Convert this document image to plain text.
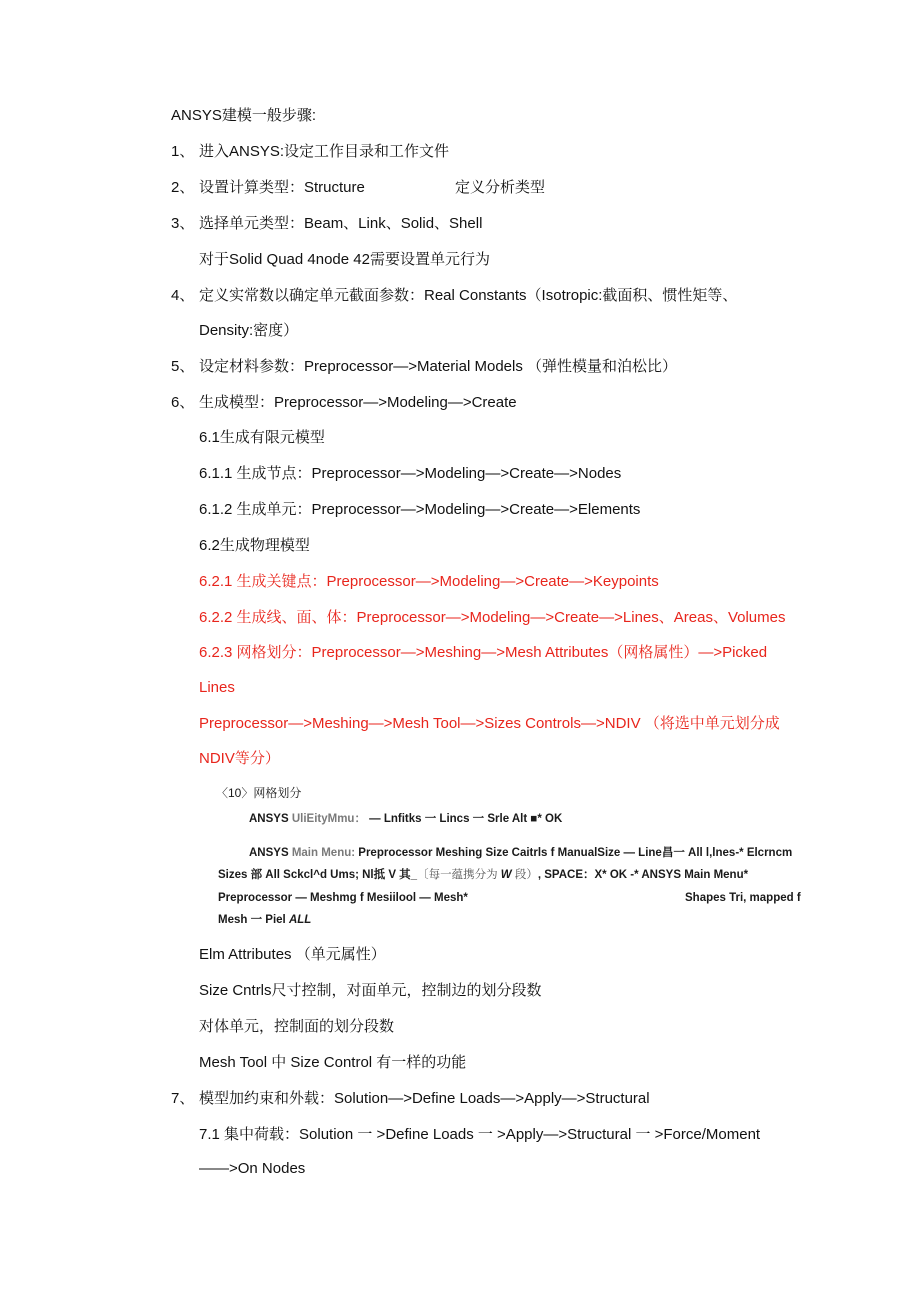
ANSYS建模一般步骤:
1、 进入ANSYS:设定工作目录和工作文件
2、 设置计算类型：Structure	定义分析类型
3、 选择单元类型：Beam、Link、Solid、Shell
对于Solid Quad 4node 42需要设置单元行为
4、 定义实常数以确定单元截面参数：Real Constants（Isotropic:截面积、惯性矩等、
Density:密度）
5、 设定材料参数：Preprocessor—>Material Models （弹性模量和泊松比）
6、 生成模型：Preprocessor—>Modeling—>Create
6.1生成有限元模型
6.1.1 生成节点：Preprocessor—>Modeling—>Create—>Nodes
6.1.2 生成单元：Preprocessor—>Modeling—>Create—>Elements
6.2生成物理模型
6.2.1 生成关键点：Preprocessor—>Modeling—>Create—>Keypoints
6.2.2 生成线、面、体：Preprocessor—>Modeling—>Create—>Lines、Areas、Volumes
6.2.3 网格划分：Preprocessor—>Meshing—>Mesh Attributes（网格属性）—>Picked
Lines
Preprocessor—>Meshing—>Mesh Tool—>Sizes Controls—>NDIV （将选中单元划分成
NDIV等分）
〈10〉网格划分
ANSYS UliEityMmu： — Lnfitks 一 Lincs 一 Srle Alt ■* OK
ANSYS Main Menu: Preprocessor Meshing Size Caitrls f ManualSize — Line昌一 All l,lnes-* Elcrncm
Sizes 部 All Sckcl^d Ums; Nl抵 V 其_〔每一蕴携分为 W 段）, SPACE：X* OK -* ANSYS Main Menu*
Preprocessor — Meshmg f Mesiilool — Mesh*	Shapes Tri, mapped f
Mesh 一 Piel ALL
Elm Attributes （单元属性）
Size Cntrls尺寸控制，对面单元，控制边的划分段数
对体单元，控制面的划分段数
Mesh Tool 中 Size Control 有一样的功能
7、 模型加约束和外载：Solution—>Define Loads—>Apply—>Structural
7.1 集中荷载：Solution 一 >Define Loads 一 >Apply—>Structural 一 >Force/Moment
——>On Nodes
